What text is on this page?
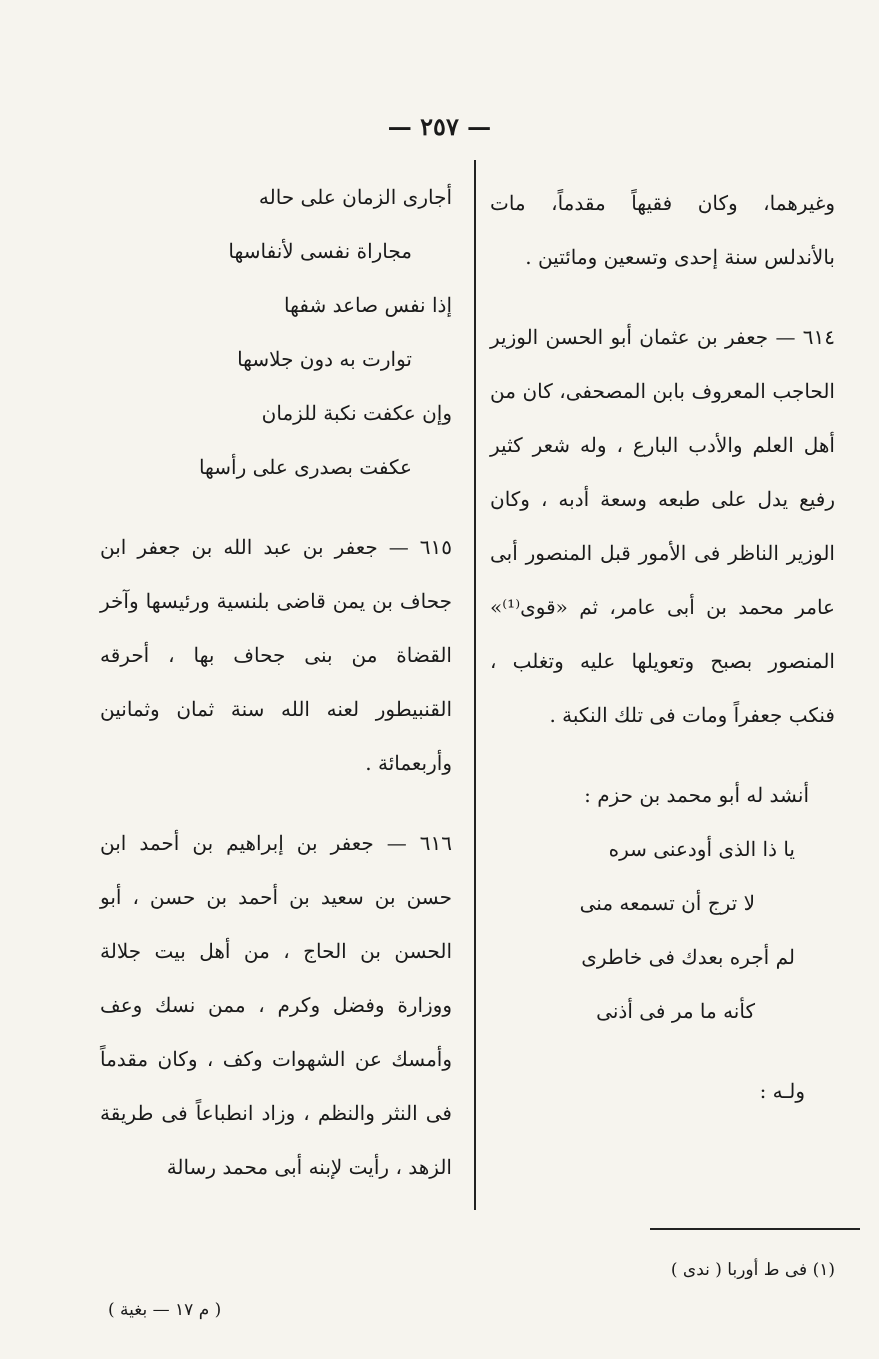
— ٢٥٧ —

وغيرهما، وكان فقيهاً مقدماً، مات بالأندلس سنة إحدى وتسعين ومائتين .

٦١٤ — جعفر بن عثمان أبو الحسن الوزير الحاجب المعروف بابن المصحفى، كان من أهل العلم والأدب البارع ، وله شعر كثير رفيع يدل على طبعه وسعة أدبه ، وكان الوزير الناظر فى الأمور قبل المنصور أبى عامر محمد بن أبى عامر، ثم «قوى⁽¹⁾» المنصور بصبح وتعويلها عليه وتغلب ، فنكب جعفراً ومات فى تلك النكبة .

أنشد له أبو محمد بن حزم :

يا ذا الذى أودعنى سره

لا ترج أن تسمعه منى

لم أجره بعدك فى خاطرى

كأنه ما مر فى أذنى

ولـه :

أجارى الزمان على حاله

مجاراة نفسى لأنفاسها

إذا نفس صاعد شفها

توارت به دون جلاسها

وإن عكفت نكبة للزمان

عكفت بصدرى على رأسها

٦١٥ — جعفر بن عبد الله بن جعفر ابن جحاف بن يمن قاضى بلنسية ورئيسها وآخر القضاة من بنى جحاف بها ، أحرقه القنبيطور لعنه الله سنة ثمان وثمانين وأربعمائة .

٦١٦ — جعفر بن إبراهيم بن أحمد ابن حسن بن سعيد بن أحمد بن حسن ، أبو الحسن بن الحاج ، من أهل بيت جلالة ووزارة وفضل وكرم ، ممن نسك وعف وأمسك عن الشهوات وكف ، وكان مقدماً فى النثر والنظم ، وزاد انطباعاً فى طريقة الزهد ، رأيت لإبنه أبى محمد رسالة

(١) فى ط أوربا ( ندى )
( م ١٧ — بغية )
